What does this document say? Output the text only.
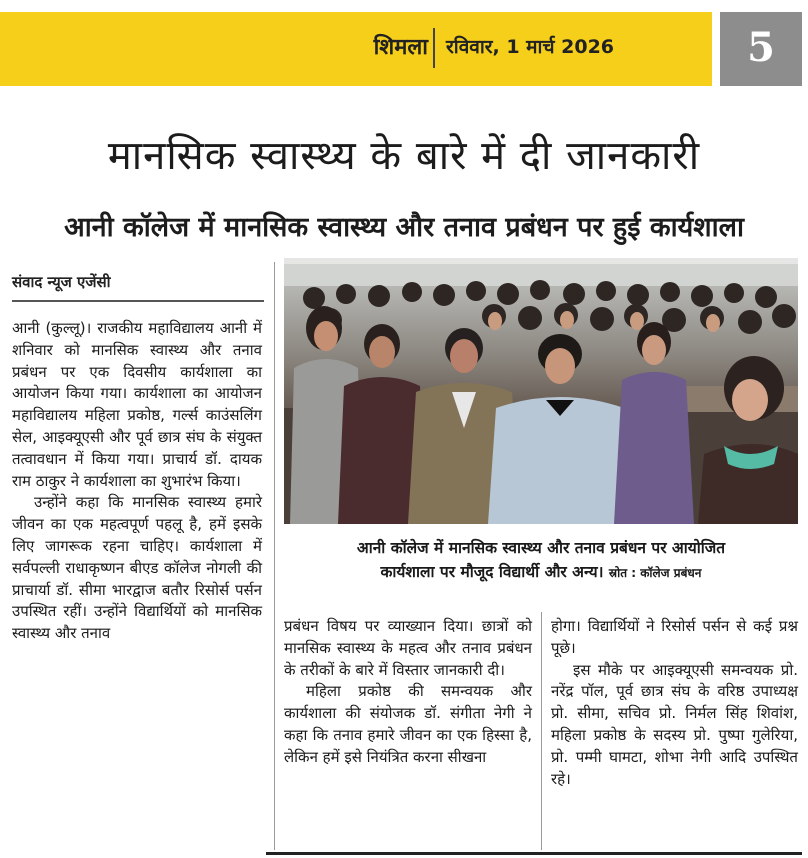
शिमला रविवार, 1 मार्च 2026	5
मानसिक स्वास्थ्य के बारे में दी जानकारी
आनी कॉलेज में मानसिक स्वास्थ्य और तनाव प्रबंधन पर हुई कार्यशाला
संवाद न्यूज एजेंसी

आनी (कुल्लू)। राजकीय महाविद्यालय आनी में शनिवार को मानसिक स्वास्थ्य और तनाव प्रबंधन पर एक दिवसीय कार्यशाला का आयोजन किया गया। कार्यशाला का आयोजन महाविद्यालय महिला प्रकोष्ठ, गर्ल्स काउंसलिंग सेल, आइक्यूएसी और पूर्व छात्र संघ के संयुक्त तत्वावधान में किया गया। प्राचार्य डॉ. दायक राम ठाकुर ने कार्यशाला का शुभारंभ किया।

उन्होंने कहा कि मानसिक स्वास्थ्य हमारे जीवन का एक महत्वपूर्ण पहलू है, हमें इसके लिए जागरूक रहना चाहिए। कार्यशाला में सर्वपल्ली राधाकृष्णन बीएड कॉलेज नोगली की प्राचार्या डॉ. सीमा भारद्वाज बतौर रिसोर्स पर्सन उपस्थित रहीं। उन्होंने विद्यार्थियों को मानसिक स्वास्थ्य और तनाव

आनी कॉलेज में मानसिक स्वास्थ्य और तनाव प्रबंधन पर आयोजित
कार्यशाला पर मौजूद विद्यार्थी और अन्य। स्रोत : कॉलेज प्रबंधन

प्रबंधन विषय पर व्याख्यान दिया। छात्रों को मानसिक स्वास्थ्य के महत्व और तनाव प्रबंधन के तरीकों के बारे में विस्तार जानकारी दी।

महिला प्रकोष्ठ की समन्वयक और कार्यशाला की संयोजक डॉ. संगीता नेगी ने कहा कि तनाव हमारे जीवन का एक हिस्सा है, लेकिन हमें इसे नियंत्रित करना सीखना

होगा। विद्यार्थियों ने रिसोर्स पर्सन से कई प्रश्न पूछे।

इस मौके पर आइक्यूएसी समन्वयक प्रो. नरेंद्र पॉल, पूर्व छात्र संघ के वरिष्ठ उपाध्यक्ष प्रो. सीमा, सचिव प्रो. निर्मल सिंह शिवांश, महिला प्रकोष्ठ के सदस्य प्रो. पुष्पा गुलेरिया, प्रो. पम्मी घामटा, शोभा नेगी आदि उपस्थित रहे।
